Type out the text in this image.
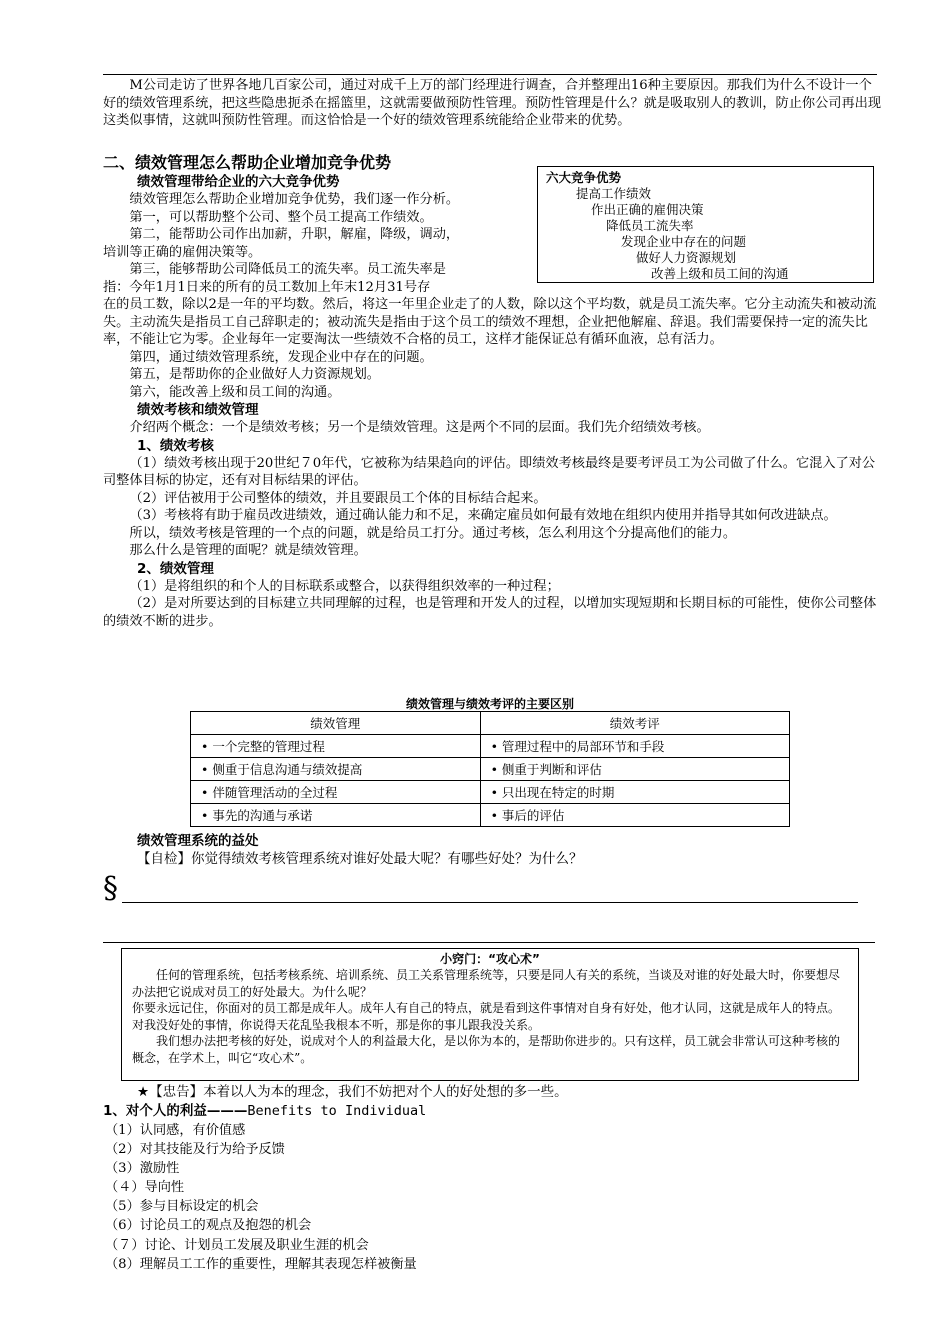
M公司走访了世界各地几百家公司，通过对成千上万的部门经理进行调查，合并整理出16种主要原因。那我们为什么不设计一个好的绩效管理系统，把这些隐患扼杀在摇篮里，这就需要做预防性管理。预防性管理是什么？就是吸取别人的教训，防止你公司再出现这类似事情，这就叫预防性管理。而这恰恰是一个好的绩效管理系统能给企业带来的优势。

二、绩效管理怎么帮助企业增加竞争优势

绩效管理带给企业的六大竞争优势

绩效管理怎么帮助企业增加竞争优势，我们逐一作分析。

第一，可以帮助整个公司、整个员工提高工作绩效。

第二，能帮助公司作出加薪，升职，解雇，降级，调动，

培训等正确的雇佣决策等。

第三，能够帮助公司降低员工的流失率。员工流失率是

指：今年1月1日来的所有的员工数加上年末12月31号存

在的员工数，除以2是一年的平均数。然后，将这一年里企业走了的人数，除以这个平均数，就是员工流失率。它分主动流失和被动流失。主动流失是指员工自己辞职走的；被动流失是指由于这个员工的绩效不理想，企业把他解雇、辞退。我们需要保持一定的流失比率，不能让它为零。企业每年一定要淘汰一些绩效不合格的员工，这样才能保证总有循环血液，总有活力。

第四，通过绩效管理系统，发现企业中存在的问题。

第五，是帮助你的企业做好人力资源规划。

第六，能改善上级和员工间的沟通。

绩效考核和绩效管理

介绍两个概念：一个是绩效考核；另一个是绩效管理。这是两个不同的层面。我们先介绍绩效考核。

1、绩效考核

（1）绩效考核出现于20世纪７0年代，它被称为结果趋向的评估。即绩效考核最终是要考评员工为公司做了什么。它混入了对公司整体目标的协定，还有对目标结果的评估。

（2）评估被用于公司整体的绩效，并且要跟员工个体的目标结合起来。

（3）考核将有助于雇员改进绩效，通过确认能力和不足，来确定雇员如何最有效地在组织内使用并指导其如何改进缺点。

所以，绩效考核是管理的一个点的问题，就是给员工打分。通过考核，怎么利用这个分提高他们的能力。

那么什么是管理的面呢？就是绩效管理。

2、绩效管理

（1）是将组织的和个人的目标联系或整合，以获得组织效率的一种过程；

（2）是对所要达到的目标建立共同理解的过程，也是管理和开发人的过程，以增加实现短期和长期目标的可能性，使你公司整体的绩效不断的进步。

六大竞争优势
提高工作绩效
作出正确的雇佣决策
降低员工流失率
发现企业中存在的问题
做好人力资源规划
改善上级和员工间的沟通
绩效管理与绩效考评的主要区别
绩效管理	绩效考评
• 一个完整的管理过程	• 管理过程中的局部环节和手段
• 侧重于信息沟通与绩效提高	• 侧重于判断和评估
• 伴随管理活动的全过程	• 只出现在特定的时期
• 事先的沟通与承诺	• 事后的评估

绩效管理系统的益处

【自检】你觉得绩效考核管理系统对谁好处最大呢？有哪些好处？为什么？

§
小窍门：“攻心术”

任何的管理系统，包括考核系统、培训系统、员工关系管理系统等，只要是同人有关的系统，当谈及对谁的好处最大时，你要想尽办法把它说成对员工的好处最大。为什么呢？

你要永远记住，你面对的员工都是成年人。成年人有自己的特点，就是看到这件事情对自身有好处，他才认同，这就是成年人的特点。对我没好处的事情，你说得天花乱坠我根本不听，那是你的事儿跟我没关系。

我们想办法把考核的好处，说成对个人的利益最大化，是以你为本的，是帮助你进步的。只有这样，员工就会非常认可这种考核的概念，在学术上，叫它“攻心术”。

★【忠告】本着以人为本的理念，我们不妨把对个人的好处想的多一些。
1、对个人的利益———Benefits to Individual
（1）认同感，有价值感
（2）对其技能及行为给予反馈
（3）激励性
（４）导向性
（5）参与目标设定的机会
（6）讨论员工的观点及抱怨的机会
（７）讨论、计划员工发展及职业生涯的机会
（8）理解员工工作的重要性，理解其表现怎样被衡量
